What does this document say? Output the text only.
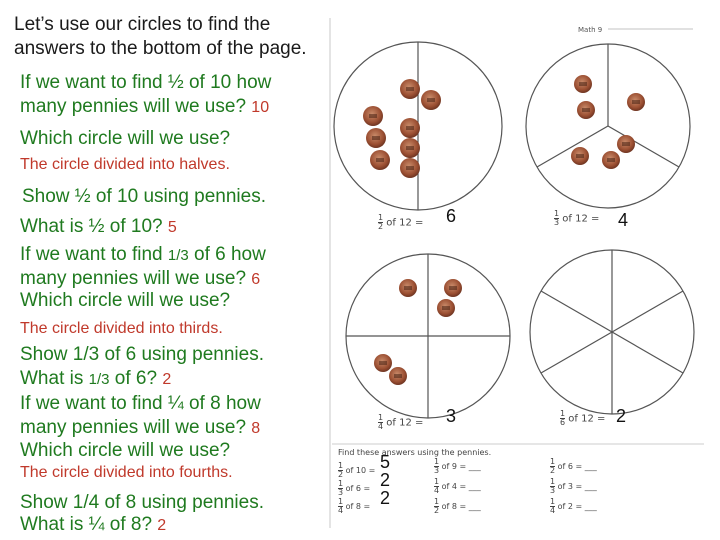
Let’s use our circles to find the
answers to the bottom of the page.
If we want to find ½ of 10 how
many pennies will we use? 10
Which circle will we use?
The circle divided into halves.
Show ½ of 10 using pennies.
What is ½ of 10? 5
If we want to find 1/3 of 6 how
many pennies will we use? 6
Which circle will we use?
The circle divided into thirds.
Show 1/3 of 6 using pennies.
What is 1/3 of 6? 2
If we want to find ¼ of 8 how
many pennies will we use? 8
Which circle will we use?
The circle divided into fourths.
Show 1/4 of 8 using pennies.
What is ¼ of 8? 2
Math 9
$\frac{1}{2}$ of 12 = 6	$\frac{1}{3}$ of 12 = 4
$\frac{1}{4}$ of 12 = 3	$\frac{1}{6}$ of 12 = 2
Find these answers using the pennies.
$\frac{1}{2}$ of 10 = 5
$\frac{1}{3}$ of 6 = 2
$\frac{1}{4}$ of 8 = 2
$\frac{1}{3}$ of 9 = ___
$\frac{1}{4}$ of 4 = ___
$\frac{1}{2}$ of 8 = ___
$\frac{1}{2}$ of 6 = ___
$\frac{1}{3}$ of 3 = ___
$\frac{1}{4}$ of 2 = ___
